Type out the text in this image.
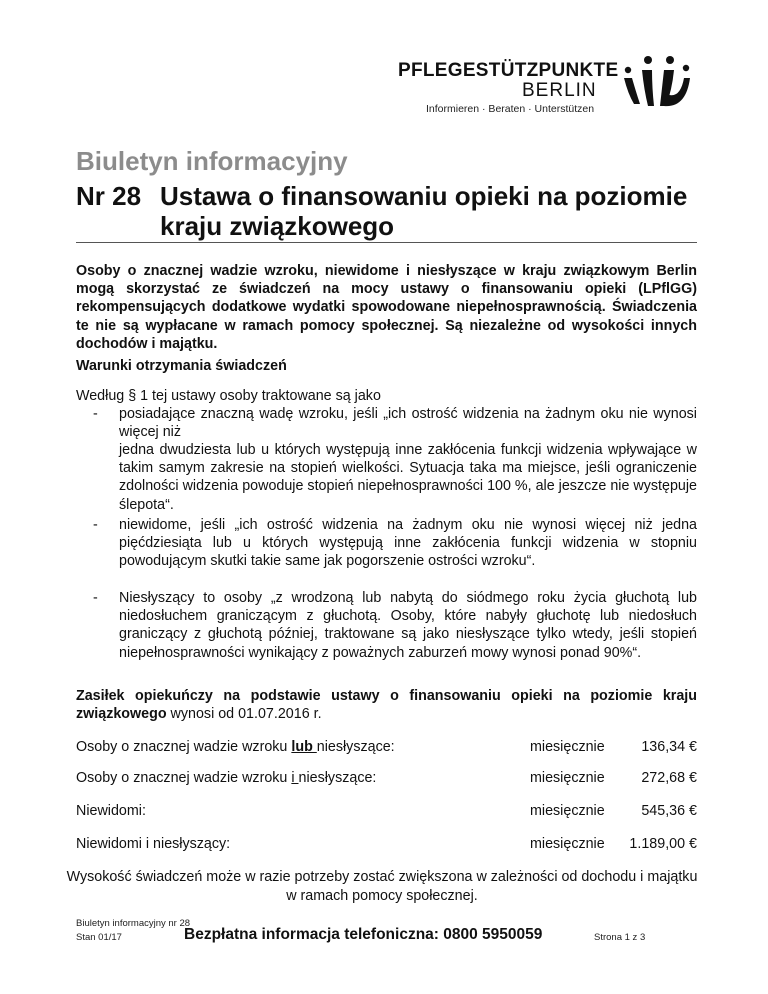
PFLEGESTÜTZPUNKTE
BERLIN
Informieren · Beraten · Unterstützen
Biuletyn informacyjny
Nr 28 Ustawa o finansowaniu opieki na poziomie kraju związkowego
Osoby o znacznej wadzie wzroku, niewidome i niesłyszące w kraju związkowym Berlin mogą skorzystać ze świadczeń na mocy ustawy o finansowaniu opieki (LPflGG) rekompensujących dodatkowe wydatki spowodowane niepełnosprawnością. Świadczenia te nie są wypłacane w ramach pomocy społecznej. Są niezależne od wysokości innych dochodów i majątku.
Warunki otrzymania świadczeń
Według § 1 tej ustawy osoby traktowane są jako
- posiadające znaczną wadę wzroku, jeśli „ich ostrość widzenia na żadnym oku nie wynosi więcej niż
jedna dwudziesta lub u których występują inne zakłócenia funkcji widzenia wpływające w takim samym zakresie na stopień wielkości. Sytuacja taka ma miejsce, jeśli ograniczenie zdolności widzenia powoduje stopień niepełnosprawności 100 %, ale jeszcze nie występuje ślepota“.
- niewidome, jeśli „ich ostrość widzenia na żadnym oku nie wynosi więcej niż jedna pięćdziesiąta lub u których występują inne zakłócenia funkcji widzenia w stopniu powodującym skutki takie same jak pogorszenie ostrości wzroku“.
- Niesłyszący to osoby „z wrodzoną lub nabytą do siódmego roku życia głuchotą lub niedosłuchem graniczącym z głuchotą. Osoby, które nabyły głuchotę lub niedosłuch graniczący z głuchotą później, traktowane są jako niesłyszące tylko wtedy, jeśli stopień niepełnosprawności wynikający z poważnych zaburzeń mowy wynosi ponad 90%“.
Zasiłek opiekuńczy na podstawie ustawy o finansowaniu opieki na poziomie kraju związkowego wynosi od 01.07.2016 r.
Osoby o znacznej wadzie wzroku lub niesłyszące:	miesięcznie	136,34 €
Osoby o znacznej wadzie wzroku i niesłyszące:	miesięcznie	272,68 €
Niewidomi:	miesięcznie	545,36 €
Niewidomi i niesłyszący:	miesięcznie 1.189,00 €
Wysokość świadczeń może w razie potrzeby zostać zwiększona w zależności od dochodu i majątku w ramach pomocy społecznej.
Biuletyn informacyjny nr 28
Stan 01/17	Bezpłatna informacja telefoniczna: 0800 5950059	Strona 1 z 3
